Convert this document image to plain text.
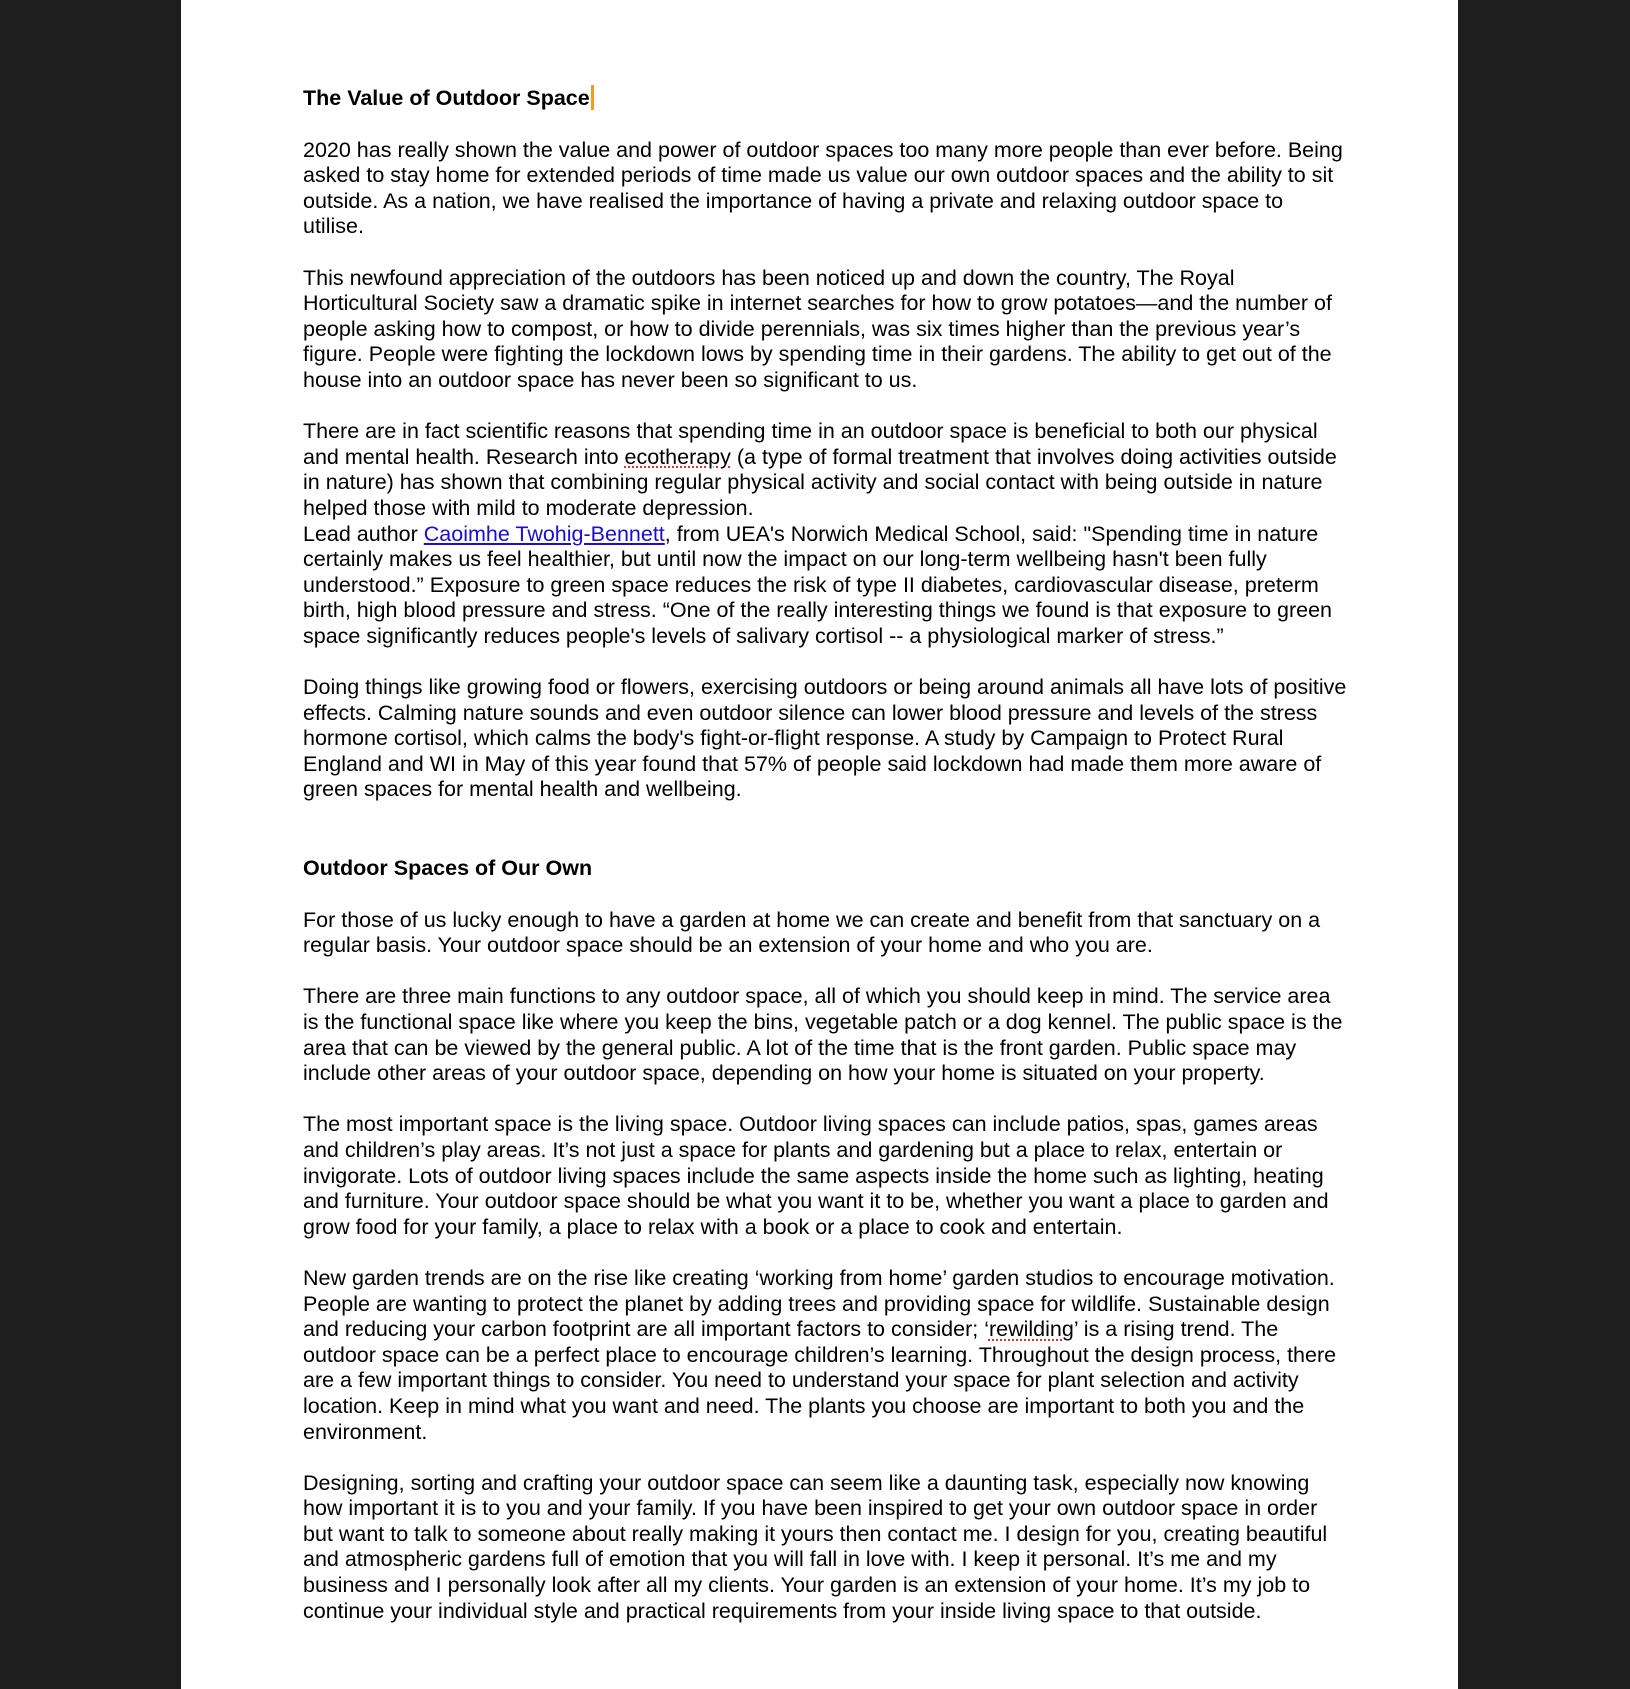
The Value of Outdoor Space

2020 has really shown the value and power of outdoor spaces too many more people than ever before. Being asked to stay home for extended periods of time made us value our own outdoor spaces and the ability to sit outside. As a nation, we have realised the importance of having a private and relaxing outdoor space to utilise.

This newfound appreciation of the outdoors has been noticed up and down the country, The Royal Horticultural Society saw a dramatic spike in internet searches for how to grow potatoes—and the number of people asking how to compost, or how to divide perennials, was six times higher than the previous year’s figure. People were fighting the lockdown lows by spending time in their gardens. The ability to get out of the house into an outdoor space has never been so significant to us.

There are in fact scientific reasons that spending time in an outdoor space is beneficial to both our physical and mental health. Research into ecotherapy (a type of formal treatment that involves doing activities outside in nature) has shown that combining regular physical activity and social contact with being outside in nature helped those with mild to moderate depression.

Lead author Caoimhe Twohig-Bennett, from UEA's Norwich Medical School, said: "Spending time in nature certainly makes us feel healthier, but until now the impact on our long-term wellbeing hasn't been fully understood.” Exposure to green space reduces the risk of type II diabetes, cardiovascular disease, preterm birth, high blood pressure and stress. “One of the really interesting things we found is that exposure to green space significantly reduces people's levels of salivary cortisol -- a physiological marker of stress.”

Doing things like growing food or flowers, exercising outdoors or being around animals all have lots of positive effects. Calming nature sounds and even outdoor silence can lower blood pressure and levels of the stress hormone cortisol, which calms the body's fight-or-flight response. A study by Campaign to Protect Rural England and WI in May of this year found that 57% of people said lockdown had made them more aware of green spaces for mental health and wellbeing.

Outdoor Spaces of Our Own

For those of us lucky enough to have a garden at home we can create and benefit from that sanctuary on a regular basis. Your outdoor space should be an extension of your home and who you are.

There are three main functions to any outdoor space, all of which you should keep in mind. The service area is the functional space like where you keep the bins, vegetable patch or a dog kennel. The public space is the area that can be viewed by the general public. A lot of the time that is the front garden. Public space may include other areas of your outdoor space, depending on how your home is situated on your property.

The most important space is the living space. Outdoor living spaces can include patios, spas, games areas and children’s play areas. It’s not just a space for plants and gardening but a place to relax, entertain or invigorate. Lots of outdoor living spaces include the same aspects inside the home such as lighting, heating and furniture. Your outdoor space should be what you want it to be, whether you want a place to garden and grow food for your family, a place to relax with a book or a place to cook and entertain.

New garden trends are on the rise like creating ‘working from home’ garden studios to encourage motivation. People are wanting to protect the planet by adding trees and providing space for wildlife. Sustainable design and reducing your carbon footprint are all important factors to consider; ‘rewilding’ is a rising trend. The outdoor space can be a perfect place to encourage children’s learning. Throughout the design process, there are a few important things to consider. You need to understand your space for plant selection and activity location. Keep in mind what you want and need. The plants you choose are important to both you and the environment.

Designing, sorting and crafting your outdoor space can seem like a daunting task, especially now knowing how important it is to you and your family. If you have been inspired to get your own outdoor space in order but want to talk to someone about really making it yours then contact me. I design for you, creating beautiful and atmospheric gardens full of emotion that you will fall in love with. I keep it personal. It’s me and my business and I personally look after all my clients. Your garden is an extension of your home. It’s my job to continue your individual style and practical requirements from your inside living space to that outside.
